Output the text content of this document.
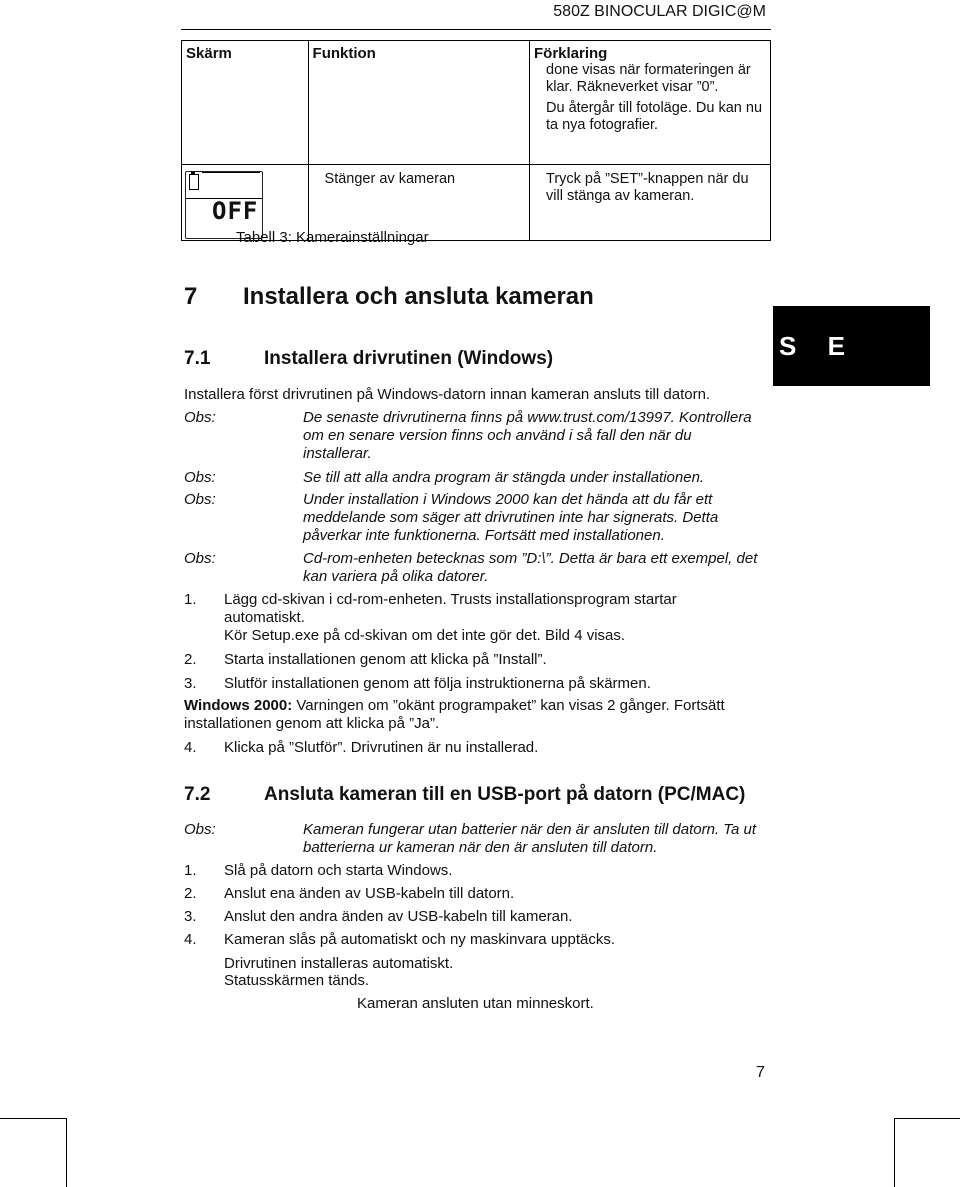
580Z BINOCULAR DIGIC@M
Skärm	Funktion	Förklaring

		done visas när formateringen är klar. Räkneverket visar ”0”.
Du återgår till fotoläge. Du kan nu ta nya fotografier.

OFF	Stänger av kameran	Tryck på ”SET”-knappen när du vill stänga av kameran.
Tabell 3: Kamerainställningar
7 Installera och ansluta kameran
S E
7.1	Installera drivrutinen (Windows)
Installera först drivrutinen på Windows-datorn innan kameran ansluts till datorn.
Obs:	De senaste drivrutinerna finns på www.trust.com/13997. Kontrollera om en senare version finns och använd i så fall den när du installerar.
Obs:	Se till att alla andra program är stängda under installationen.
Obs:	Under installation i Windows 2000 kan det hända att du får ett meddelande som säger att drivrutinen inte har signerats. Detta påverkar inte funktionerna. Fortsätt med installationen.
Obs:	Cd-rom-enheten betecknas som ”D:\”. Detta är bara ett exempel, det kan variera på olika datorer.
1. Lägg cd-skivan i cd-rom-enheten. Trusts installationsprogram startar automatiskt.
Kör Setup.exe på cd-skivan om det inte gör det. Bild 4 visas.
2. Starta installationen genom att klicka på ”Install”.
3. Slutför installationen genom att följa instruktionerna på skärmen.
Windows 2000: Varningen om ”okänt programpaket” kan visas 2 gånger. Fortsätt installationen genom att klicka på ”Ja”.
4. Klicka på ”Slutför”. Drivrutinen är nu installerad.
7.2	Ansluta kameran till en USB-port på datorn (PC/MAC)
Obs:	Kameran fungerar utan batterier när den är ansluten till datorn. Ta ut batterierna ur kameran när den är ansluten till datorn.
1. Slå på datorn och starta Windows.
2. Anslut ena änden av USB-kabeln till datorn.
3. Anslut den andra änden av USB-kabeln till kameran.
4. Kameran slås på automatiskt och ny maskinvara upptäcks.
Drivrutinen installeras automatiskt.
Statusskärmen tänds.
Kameran ansluten utan minneskort.
7
